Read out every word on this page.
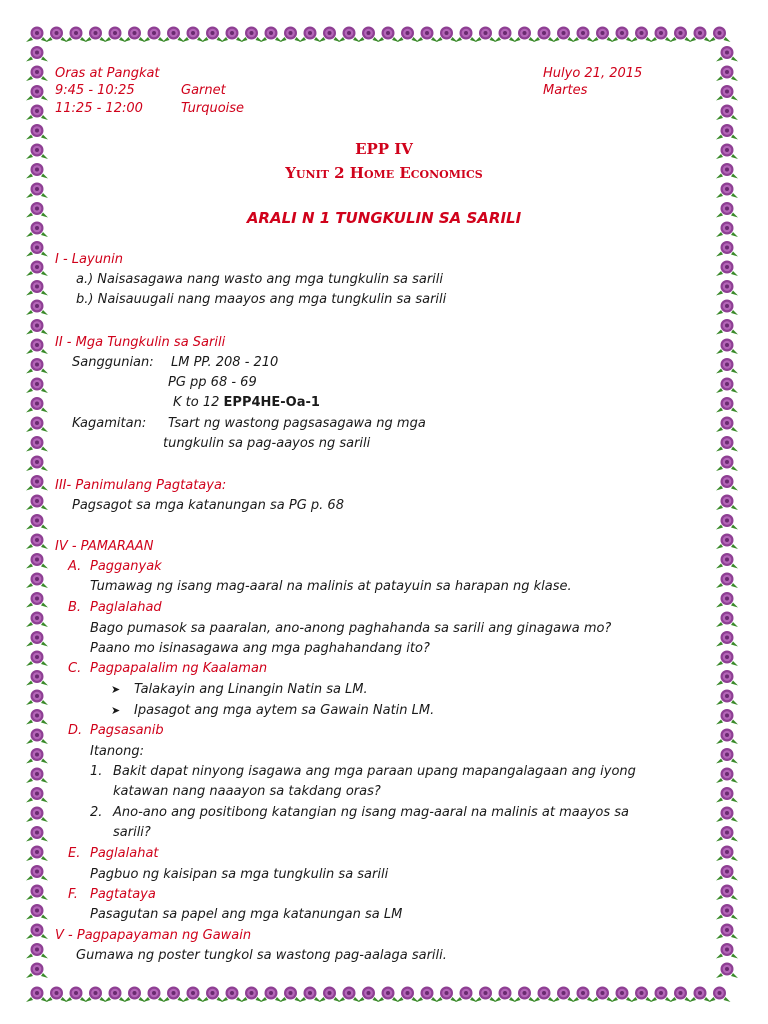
Oras at Pangkat
9:45 - 10:25	Garnet
11:25 - 12:00	Turquoise
Hulyo 21, 2015
Martes
EPP IV
Yunit 2 Home Economics
ARALI N 1 TUNGKULIN SA SARILI
I - Layunin
a.) Naisasagawa nang wasto ang mga tungkulin sa sarili
b.) Naisauugali nang maayos ang mga tungkulin sa sarili
II - Mga Tungkulin sa Sarili
Sanggunian: LM PP. 208 - 210
PG pp 68 - 69
K to 12 EPP4HE-Oa-1
Kagamitan: Tsart ng wastong pagsasagawa ng mga
tungkulin sa pag-aayos ng sarili
III- Panimulang Pagtataya:
Pagsagot sa mga katanungan sa PG p. 68
IV - PAMARAAN
A. Pagganyak
Tumawag ng isang mag-aaral na malinis at patayuin sa harapan ng klase.
B. Paglalahad
Bago pumasok sa paaralan, ano-anong paghahanda sa sarili ang ginagawa mo?
Paano mo isinasagawa ang mga paghahandang ito?
C. Pagpapalalim ng Kaalaman
➤ Talakayin ang Linangin Natin sa LM.
➤ Ipasagot ang mga aytem sa Gawain Natin LM.
D. Pagsasanib
Itanong:
1. Bakit dapat ninyong isagawa ang mga paraan upang mapangalagaan ang iyong
katawan nang naaayon sa takdang oras?
2. Ano-ano ang positibong katangian ng isang mag-aaral na malinis at maayos sa
sarili?
E. Paglalahat
Pagbuo ng kaisipan sa mga tungkulin sa sarili
F. Pagtataya
Pasagutan sa papel ang mga katanungan sa LM
V - Pagpapayaman ng Gawain
Gumawa ng poster tungkol sa wastong pag-aalaga sarili.
